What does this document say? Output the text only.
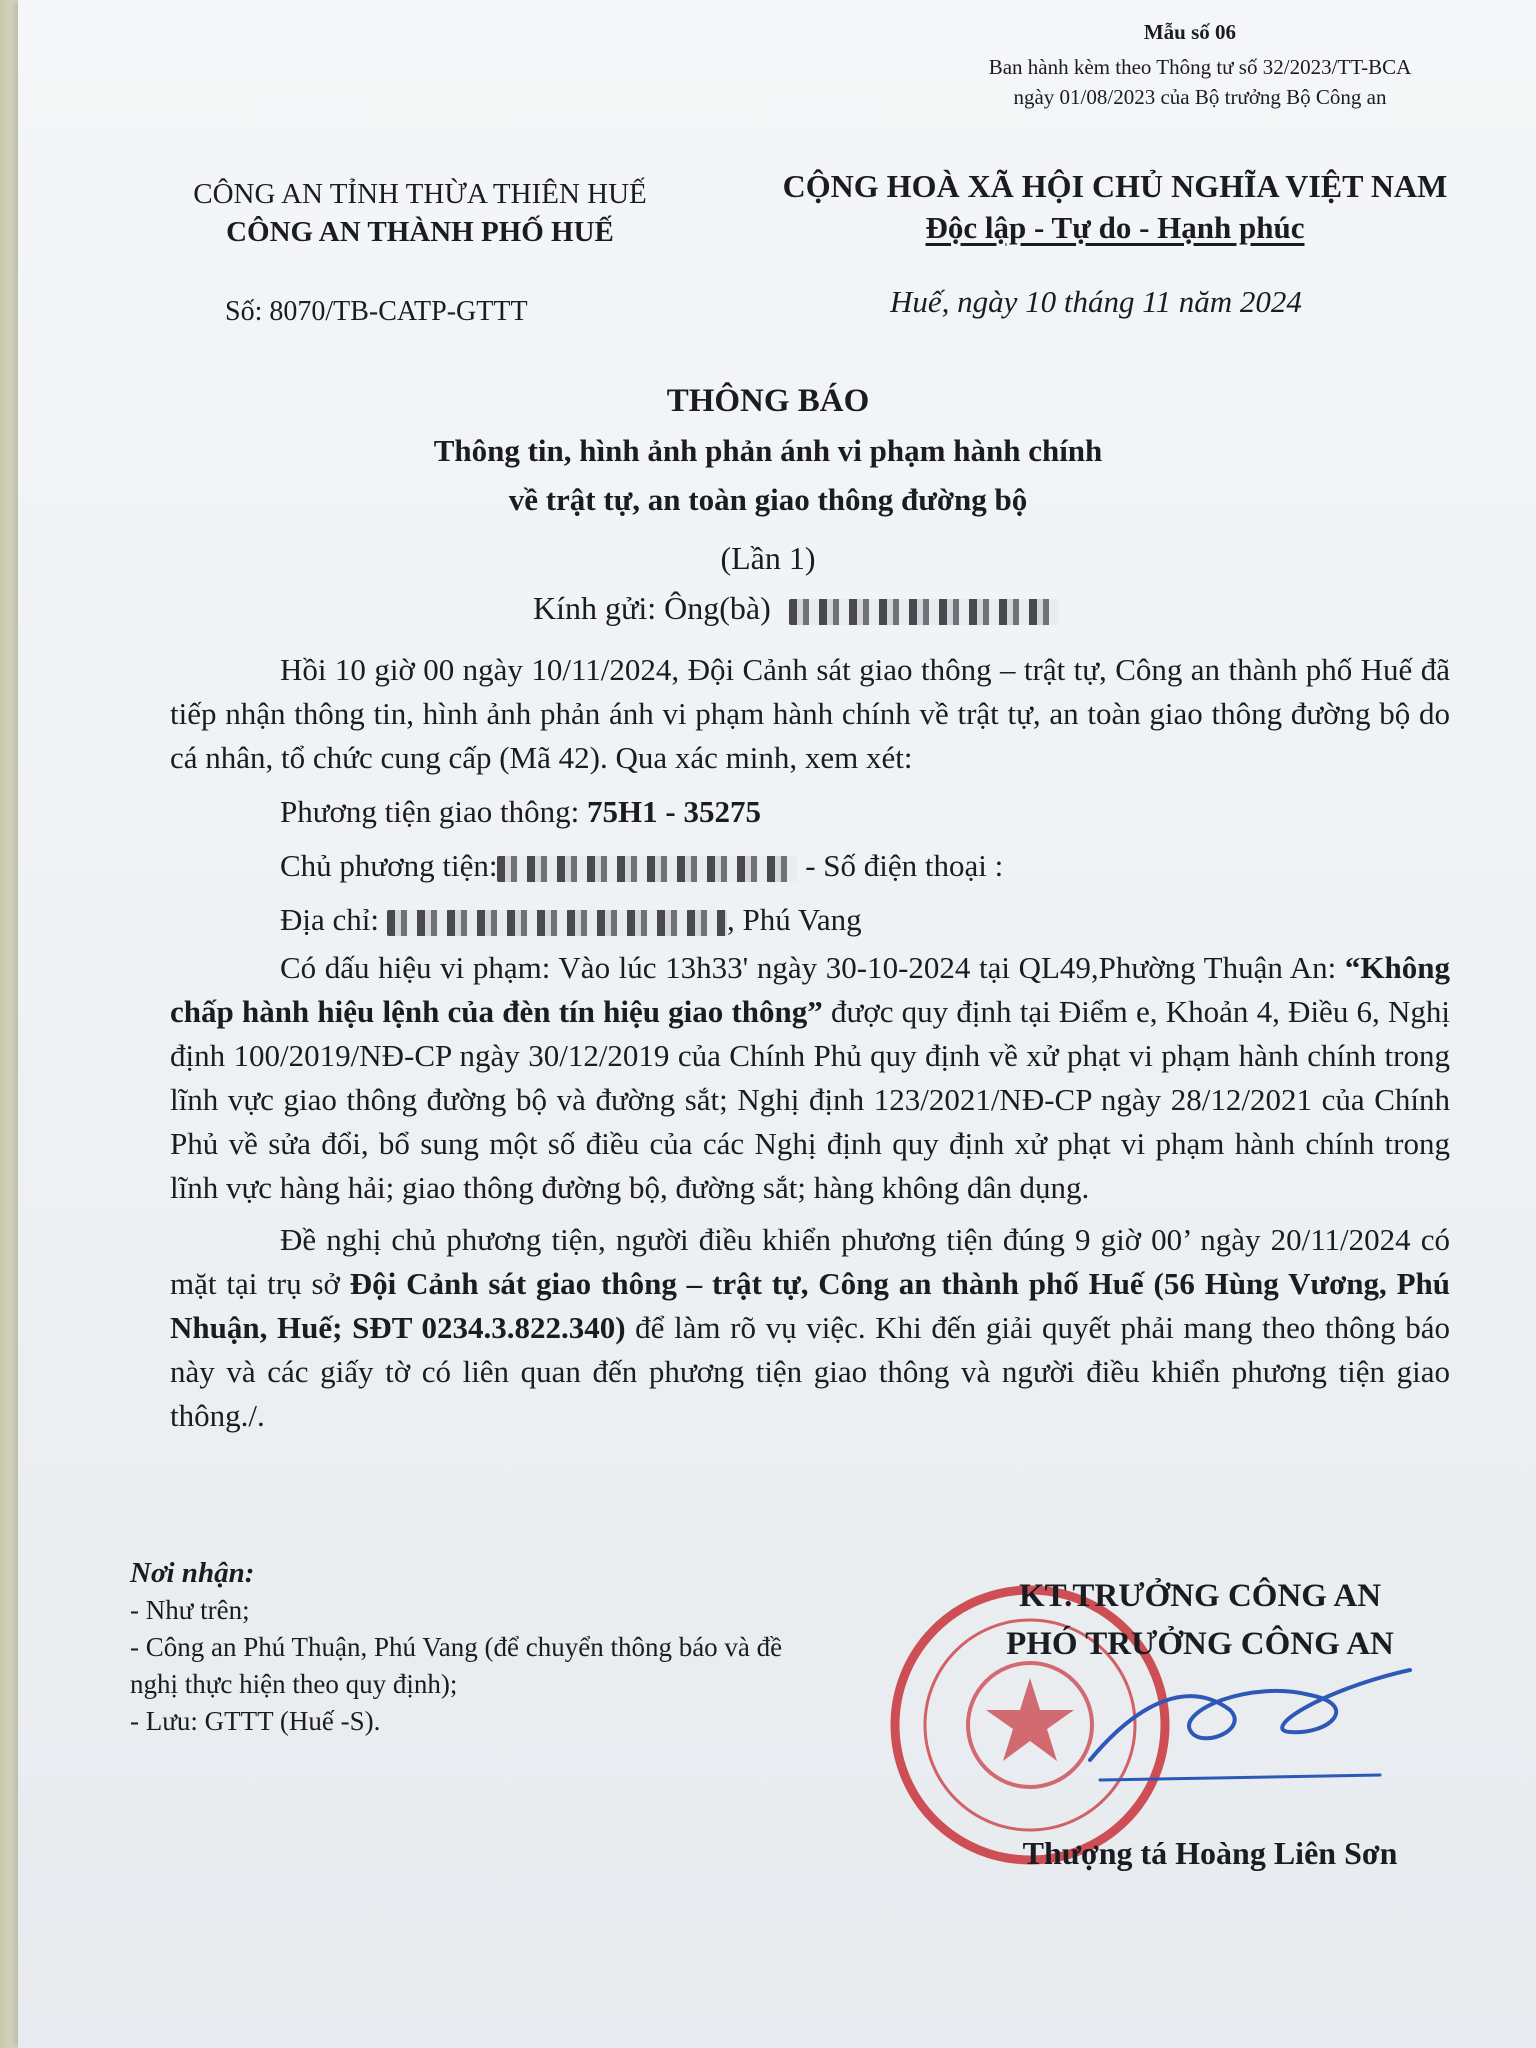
Mẫu số 06
Ban hành kèm theo Thông tư số 32/2023/TT-BCA
ngày 01/08/2023 của Bộ trưởng Bộ Công an
CÔNG AN TỈNH THỪA THIÊN HUẾ
CÔNG AN THÀNH PHỐ HUẾ
CỘNG HOÀ XÃ HỘI CHỦ NGHĨA VIỆT NAM
Độc lập - Tự do - Hạnh phúc
Số: 8070/TB-CATP-GTTT	Huế, ngày 10 tháng 11 năm 2024
THÔNG BÁO
Thông tin, hình ảnh phản ánh vi phạm hành chính
về trật tự, an toàn giao thông đường bộ
(Lần 1)
Kính gửi: Ông(bà)

Hồi 10 giờ 00 ngày 10/11/2024, Đội Cảnh sát giao thông – trật tự, Công an thành phố Huế đã tiếp nhận thông tin, hình ảnh phản ánh vi phạm hành chính về trật tự, an toàn giao thông đường bộ do cá nhân, tổ chức cung cấp (Mã 42). Qua xác minh, xem xét:

Phương tiện giao thông: 75H1 - 35275

Chủ phương tiện:	- Số điện thoại :

Địa chỉ:	, Phú Vang

Có dấu hiệu vi phạm: Vào lúc 13h33' ngày 30-10-2024 tại QL49,Phường Thuận An: “Không chấp hành hiệu lệnh của đèn tín hiệu giao thông” được quy định tại Điểm e, Khoản 4, Điều 6, Nghị định 100/2019/NĐ-CP ngày 30/12/2019 của Chính Phủ quy định về xử phạt vi phạm hành chính trong lĩnh vực giao thông đường bộ và đường sắt; Nghị định 123/2021/NĐ-CP ngày 28/12/2021 của Chính Phủ về sửa đổi, bổ sung một số điều của các Nghị định quy định xử phạt vi phạm hành chính trong lĩnh vực hàng hải; giao thông đường bộ, đường sắt; hàng không dân dụng.

Đề nghị chủ phương tiện, người điều khiển phương tiện đúng 9 giờ 00’ ngày 20/11/2024 có mặt tại trụ sở Đội Cảnh sát giao thông – trật tự, Công an thành phố Huế (56 Hùng Vương, Phú Nhuận, Huế; SĐT 0234.3.822.340) để làm rõ vụ việc. Khi đến giải quyết phải mang theo thông báo này và các giấy tờ có liên quan đến phương tiện giao thông và người điều khiển phương tiện giao thông./.

Nơi nhận:
- Như trên;
- Công an Phú Thuận, Phú Vang (để chuyển thông báo và đề nghị thực hiện theo quy định);
- Lưu: GTTT (Huế -S).
KT.TRƯỞNG CÔNG AN
PHÓ TRƯỞNG CÔNG AN
Thượng tá Hoàng Liên Sơn
